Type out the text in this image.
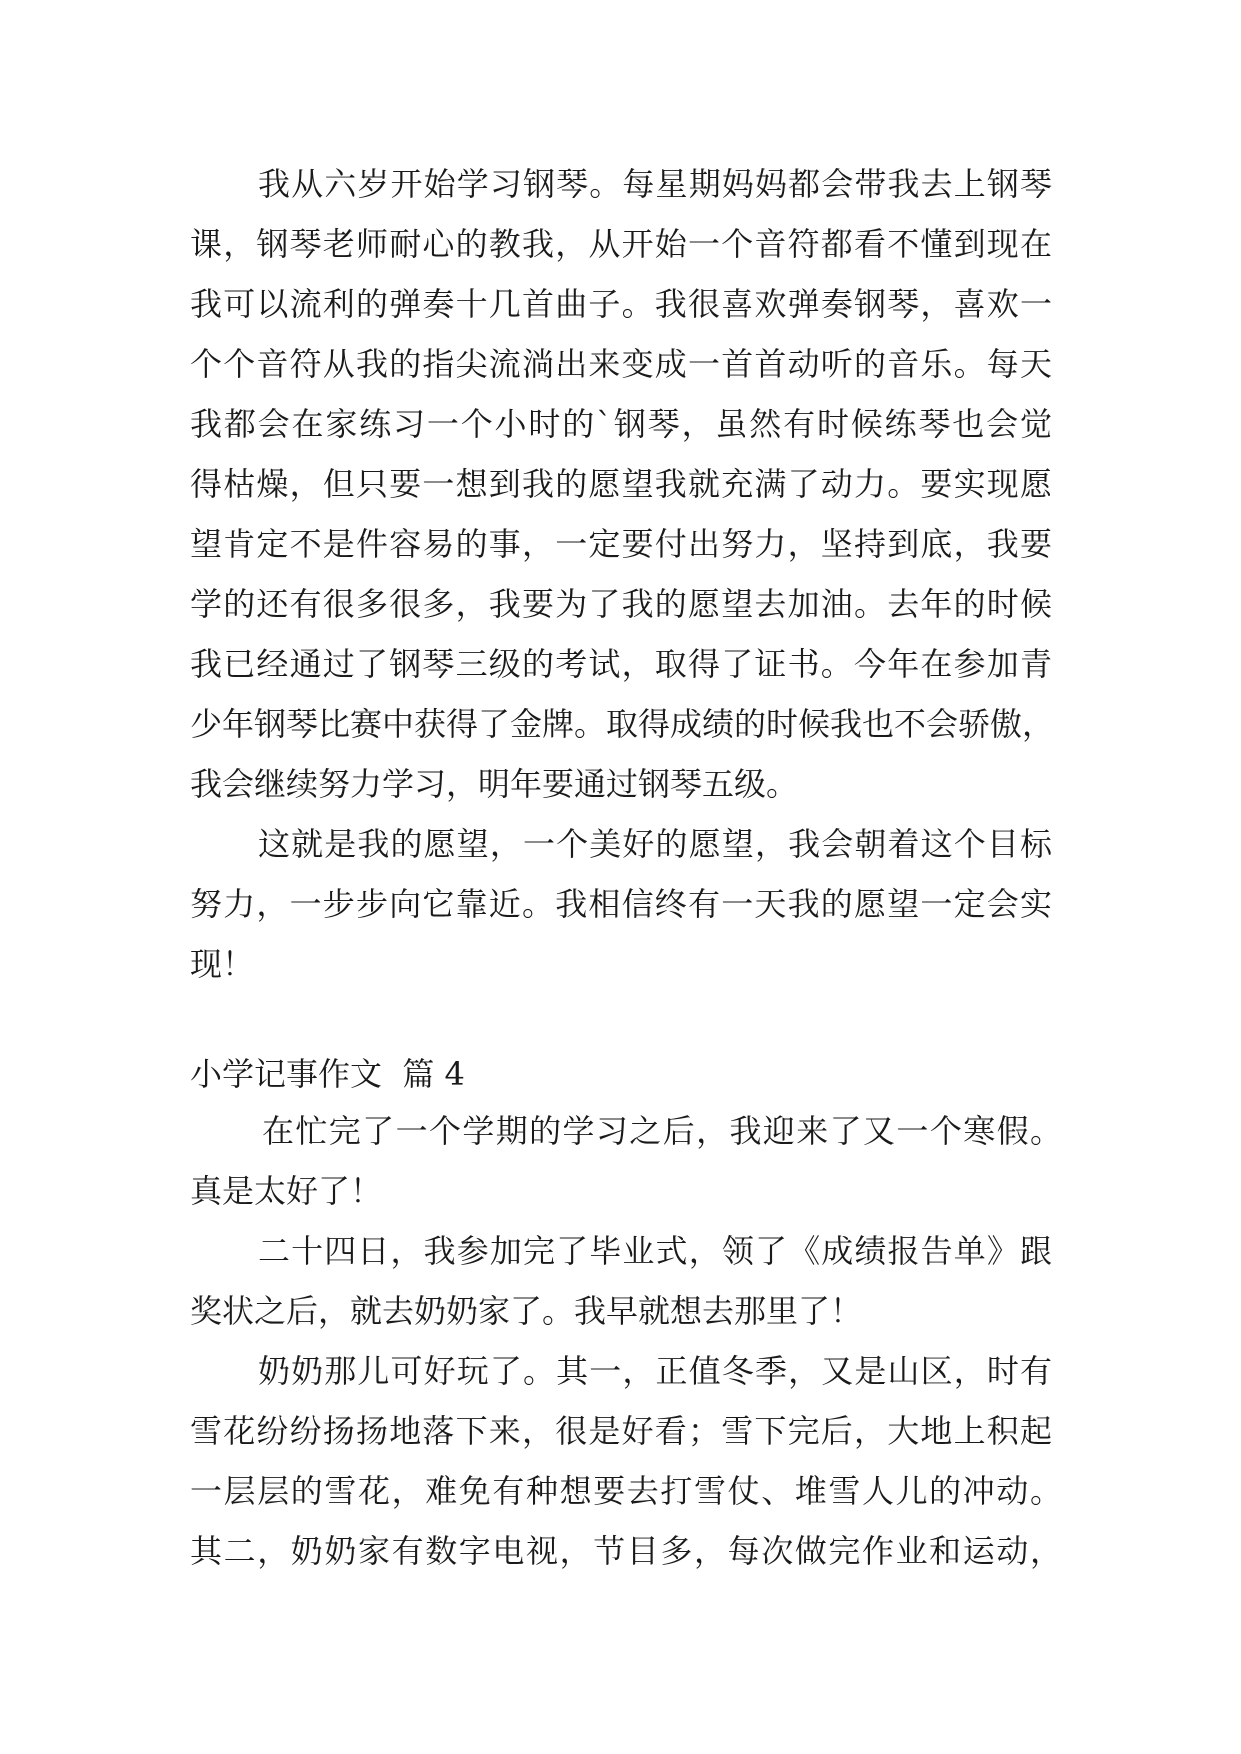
我从六岁开始学习钢琴。每星期妈妈都会带我去上钢琴
课，钢琴老师耐心的教我，从开始一个音符都看不懂到现在
我可以流利的弹奏十几首曲子。我很喜欢弹奏钢琴，喜欢一
个个音符从我的指尖流淌出来变成一首首动听的音乐。每天
我都会在家练习一个小时的`钢琴，虽然有时候练琴也会觉
得枯燥，但只要一想到我的愿望我就充满了动力。要实现愿
望肯定不是件容易的事，一定要付出努力，坚持到底，我要
学的还有很多很多，我要为了我的愿望去加油。去年的时候
我已经通过了钢琴三级的考试，取得了证书。今年在参加青
少年钢琴比赛中获得了金牌。取得成绩的时候我也不会骄傲，
我会继续努力学习，明年要通过钢琴五级。
这就是我的愿望，一个美好的愿望，我会朝着这个目标
努力，一步步向它靠近。我相信终有一天我的愿望一定会实
现！
小学记事作文  篇 4
在忙完了一个学期的学习之后，我迎来了又一个寒假。
真是太好了！
二十四日，我参加完了毕业式，领了《成绩报告单》跟
奖状之后，就去奶奶家了。我早就想去那里了！
奶奶那儿可好玩了。其一，正值冬季，又是山区，时有
雪花纷纷扬扬地落下来，很是好看；雪下完后，大地上积起
一层层的雪花，难免有种想要去打雪仗、堆雪人儿的冲动。
其二，奶奶家有数字电视，节目多，每次做完作业和运动，
